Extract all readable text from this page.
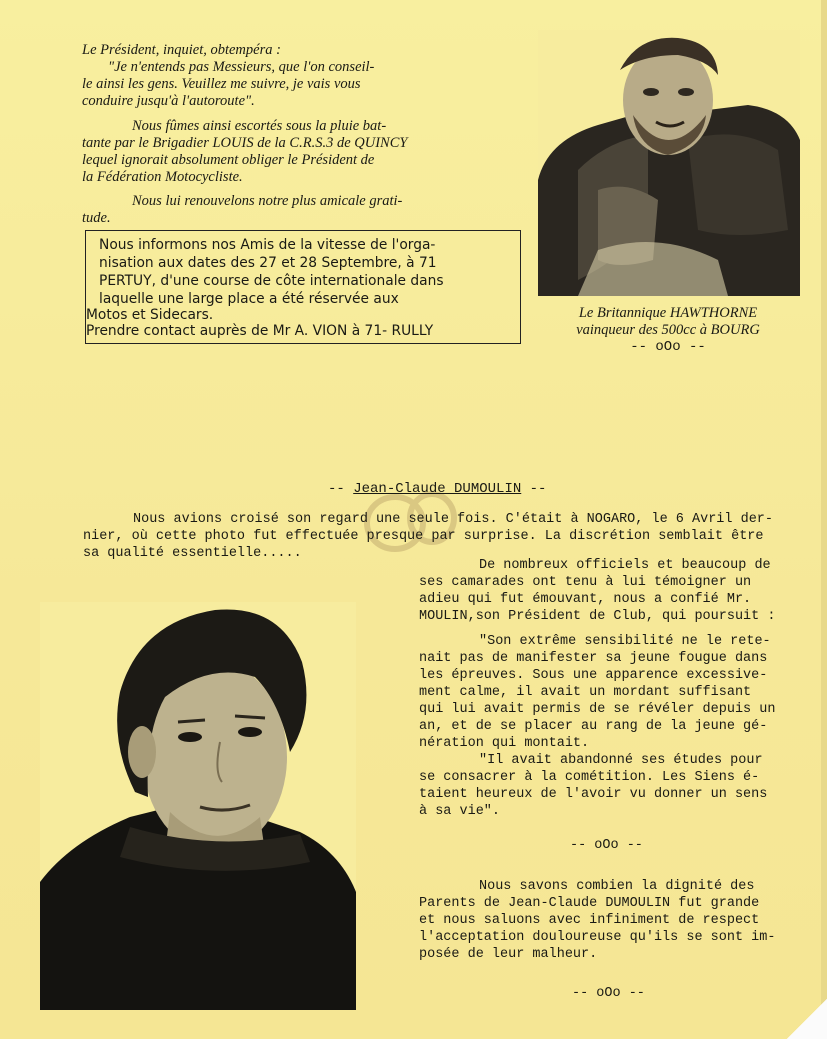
Le Président, inquiet, obtempéra :
"Je n'entends pas Messieurs, que l'on conseil-
le ainsi les gens. Veuillez me suivre, je vais vous
conduire jusqu'à l'autoroute".
Nous fûmes ainsi escortés sous la pluie bat-
tante par le Brigadier LOUIS de la C.R.S.3 de QUINCY
lequel ignorait absolument obliger le Président de
la Fédération Motocycliste.
Nous lui renouvelons notre plus amicale grati-
tude.
Nous informons nos Amis de la vitesse de l'orga-
nisation aux dates des 27 et 28 Septembre, à 71
PERTUY, d'une course de côte internationale dans
laquelle une large place a été réservée aux
Motos et Sidecars.
Prendre contact auprès de Mr A. VION à 71- RULLY
Le Britannique HAWTHORNE
vainqueur des 500cc à BOURG
-- oOo --
-- Jean-Claude DUMOULIN --
Nous avions croisé son regard une seule fois. C'était à NOGARO, le 6 Avril der-
nier, où cette photo fut effectuée presque par surprise. La discrétion semblait être
sa qualité essentielle.....
De nombreux officiels et beaucoup de
ses camarades ont tenu à lui témoigner un
adieu qui fut émouvant, nous a confié Mr.
MOULIN,son Président de Club, qui poursuit :
"Son extrême sensibilité ne le rete-
nait pas de manifester sa jeune fougue dans
les épreuves. Sous une apparence excessive-
ment calme, il avait un mordant suffisant
qui lui avait permis de se révéler depuis un
an, et de se placer au rang de la jeune gé-
nération qui montait.
"Il avait abandonné ses études pour
se consacrer à la cométition. Les Siens é-
taient heureux de l'avoir vu donner un sens
à sa vie".
-- oOo --
Nous savons combien la dignité des
Parents de Jean-Claude DUMOULIN fut grande
et nous saluons avec infiniment de respect
l'acceptation douloureuse qu'ils se sont im-
posée de leur malheur.
-- oOo --
